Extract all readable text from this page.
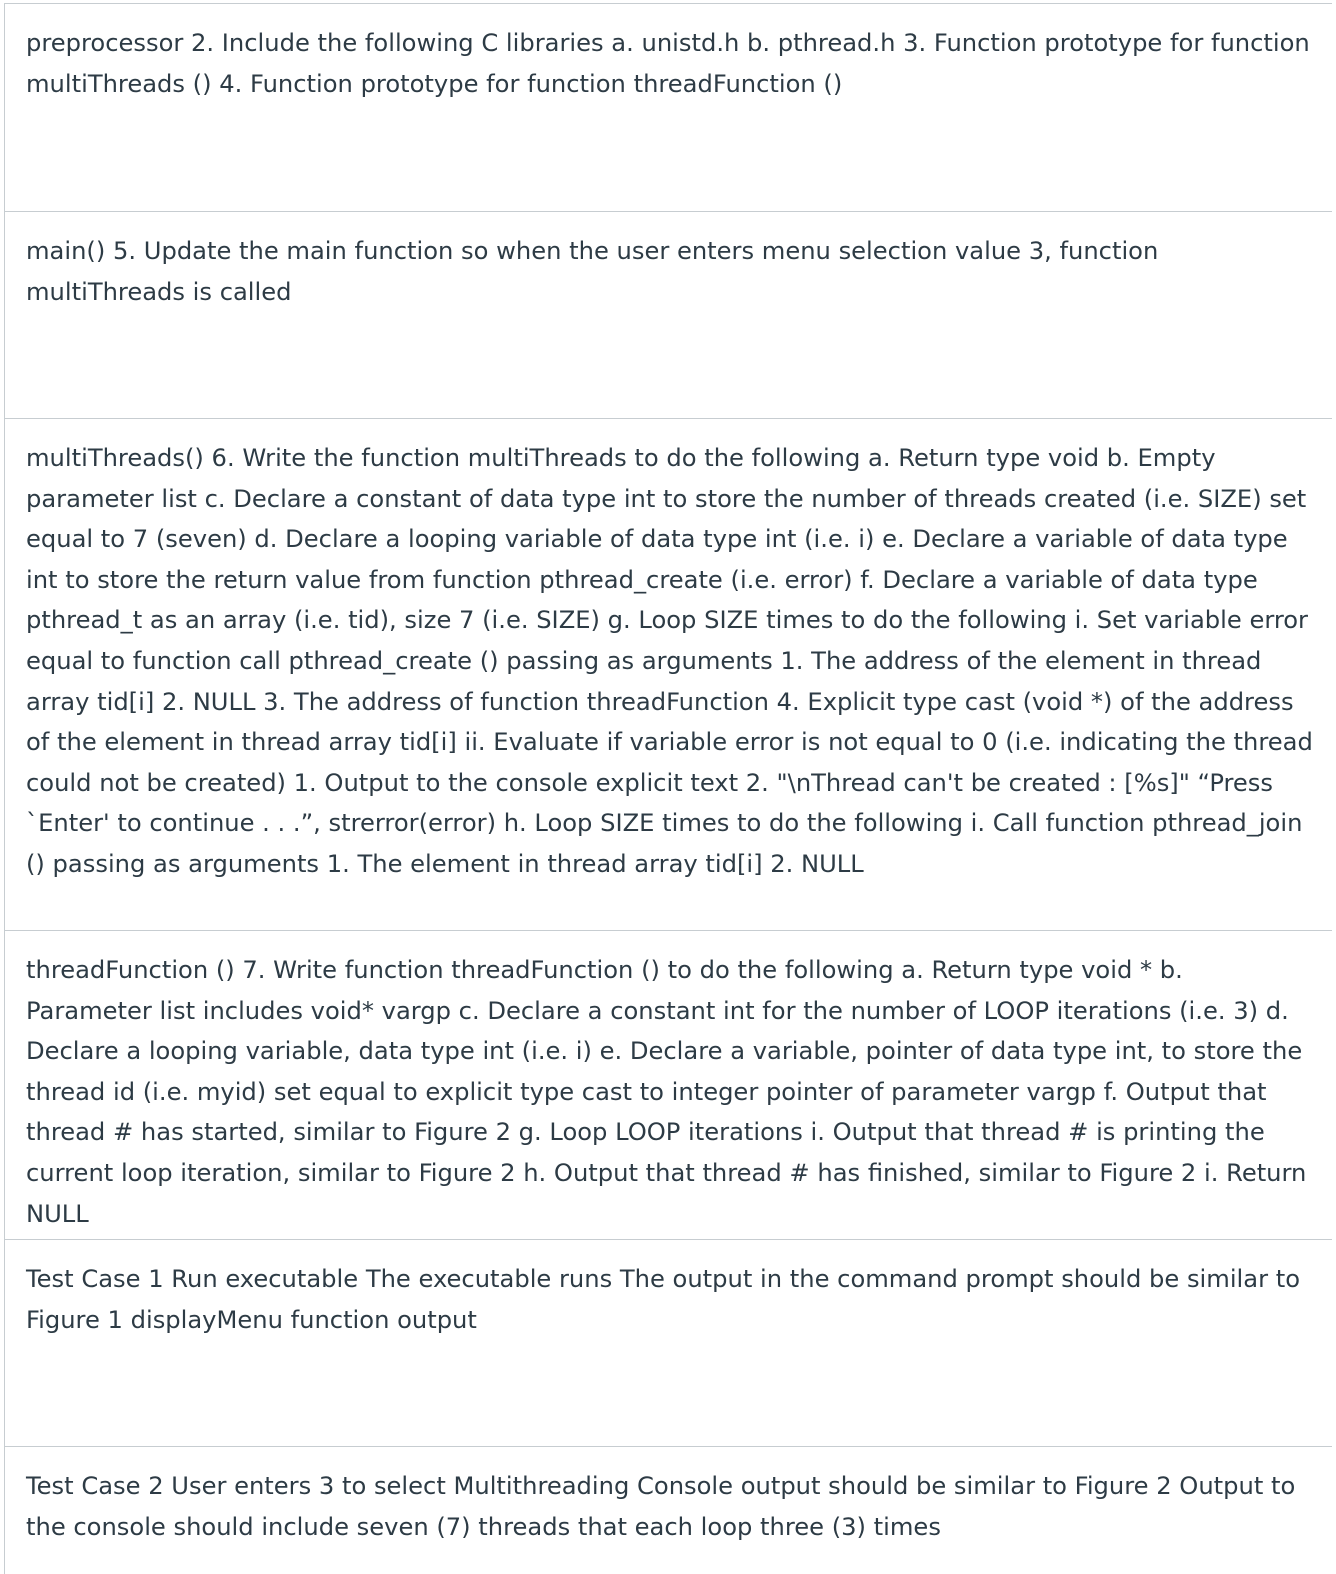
preprocessor 2. Include the following C libraries a. unistd.h b. pthread.h 3. Function prototype for function multiThreads () 4. Function prototype for function threadFunction ()

main() 5. Update the main function so when the user enters menu selection value 3, function multiThreads is called

multiThreads() 6. Write the function multiThreads to do the following a. Return type void b. Empty parameter list c. Declare a constant of data type int to store the number of threads created (i.e. SIZE) set equal to 7 (seven) d. Declare a looping variable of data type int (i.e. i) e. Declare a variable of data type int to store the return value from function pthread_create (i.e. error) f. Declare a variable of data type pthread_t as an array (i.e. tid), size 7 (i.e. SIZE) g. Loop SIZE times to do the following i. Set variable error equal to function call pthread_create () passing as arguments 1. The address of the element in thread array tid[i] 2. NULL 3. The address of function threadFunction 4. Explicit type cast (void *) of the address of the element in thread array tid[i] ii. Evaluate if variable error is not equal to 0 (i.e. indicating the thread could not be created) 1. Output to the console explicit text 2. "\nThread can't be created : [%s]" “Press `Enter' to continue . . .”, strerror(error) h. Loop SIZE times to do the following i. Call function pthread_join () passing as arguments 1. The element in thread array tid[i] 2. NULL

threadFunction () 7. Write function threadFunction () to do the following a. Return type void * b. Parameter list includes void* vargp c. Declare a constant int for the number of LOOP iterations (i.e. 3) d. Declare a looping variable, data type int (i.e. i) e. Declare a variable, pointer of data type int, to store the thread id (i.e. myid) set equal to explicit type cast to integer pointer of parameter vargp f. Output that thread # has started, similar to Figure 2 g. Loop LOOP iterations i. Output that thread # is printing the current loop iteration, similar to Figure 2 h. Output that thread # has finished, similar to Figure 2 i. Return NULL

Test Case 1 Run executable The executable runs The output in the command prompt should be similar to Figure 1 displayMenu function output

Test Case 2 User enters 3 to select Multithreading Console output should be similar to Figure 2 Output to the console should include seven (7) threads that each loop three (3) times
